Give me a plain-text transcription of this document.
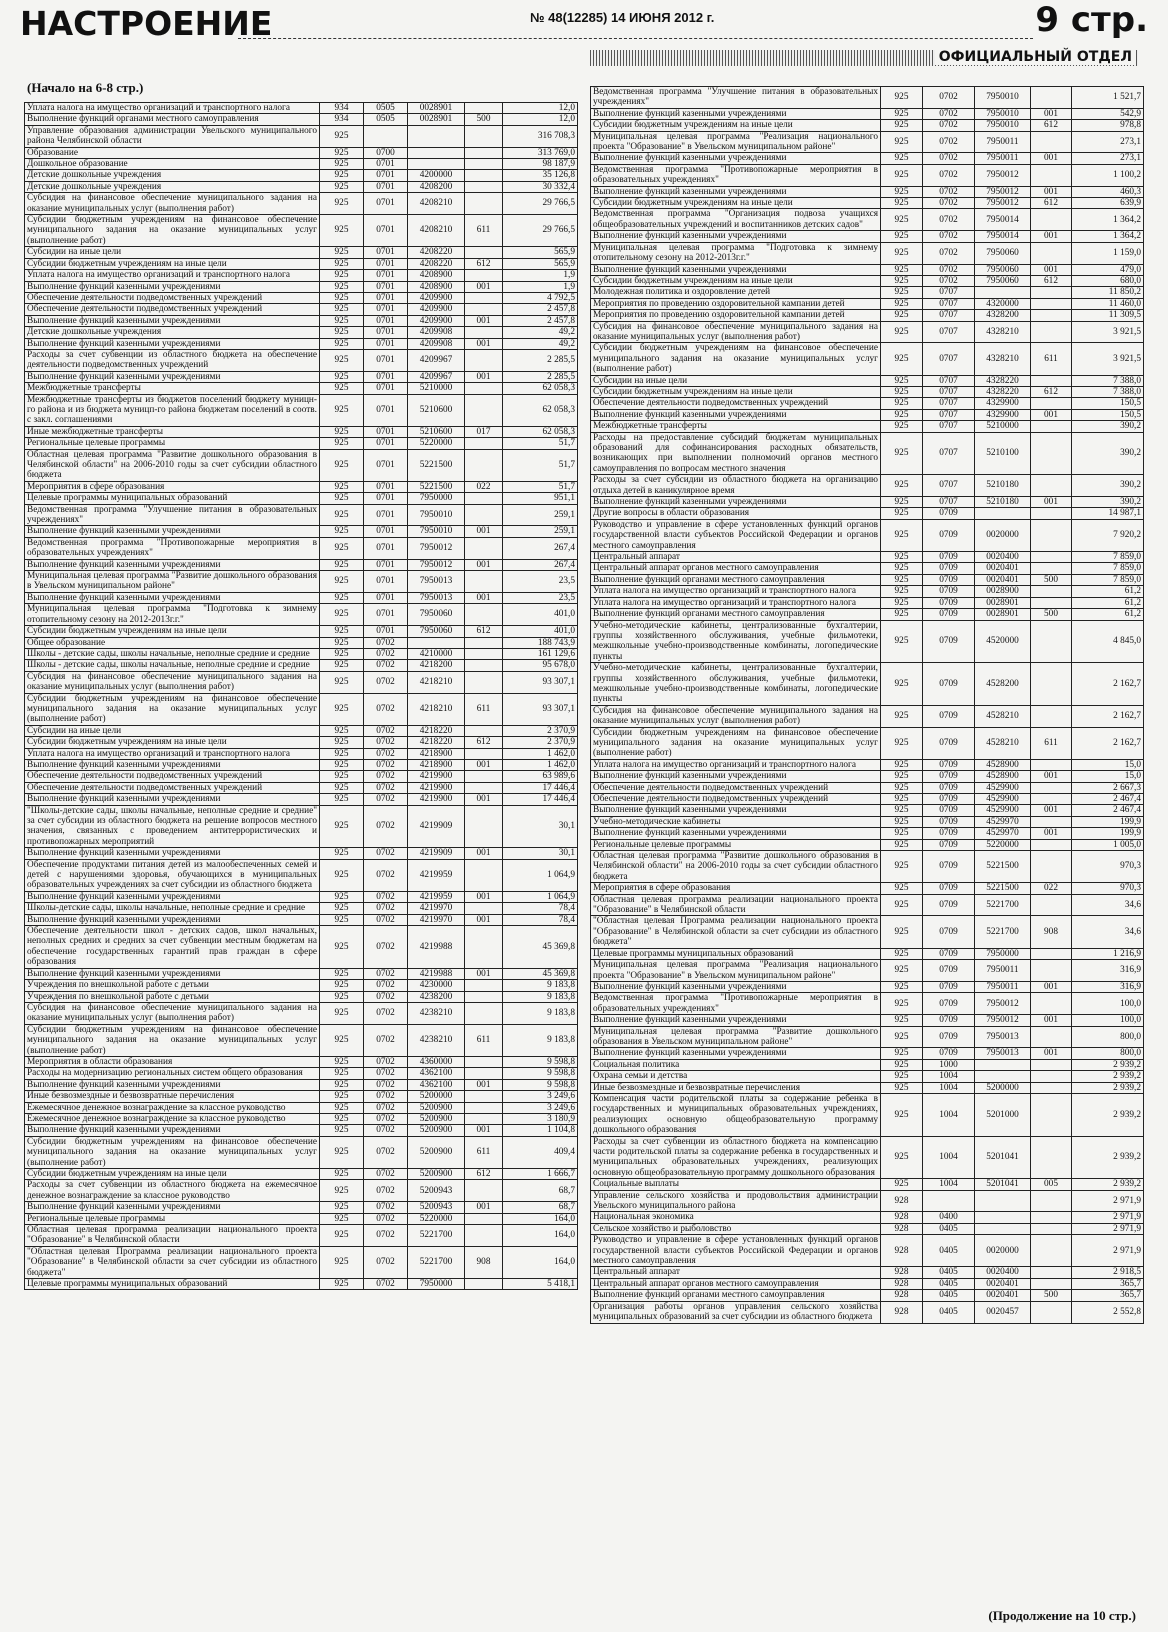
НАСТРОЕНИЕ	№ 48(12285) 14 ИЮНЯ 2012 г.	9 стр.
ОФИЦИАЛЬНЫЙ ОТДЕЛ
(Начало на 6-8 стр.)
Уплата налога на имущество организаций и транспортного налога	934	0505	0028901		12,0
Выполнение функций органами местного самоуправления	934	0505	0028901	500	12,0
Управление образования администрации Увельского муниципального района Челябинской области	925				316 708,3
Образование	925	0700			313 769,0
Дошкольное образование	925	0701			98 187,9
Детские дошкольные учреждения	925	0701	4200000		35 126,8
Детские дошкольные учреждения	925	0701	4208200		30 332,4
Субсидия на финансовое обеспечение муниципального задания на оказание муниципальных услуг (выполнения работ)	925	0701	4208210		29 766,5
Субсидии бюджетным учреждениям на финансовое обеспечение муниципального задания на оказание муниципальных услуг (выполнение работ)	925	0701	4208210	611	29 766,5
Субсидии на иные цели	925	0701	4208220		565,9
Субсидии бюджетным учреждениям на иные цели	925	0701	4208220	612	565,9
Уплата налога на имущество организаций и транспортного налога	925	0701	4208900		1,9
Выполнение функций казенными учреждениями	925	0701	4208900	001	1,9
Обеспечение деятельности подведомственных учреждений	925	0701	4209900		4 792,5
Обеспечение деятельности подведомственных учреждений	925	0701	4209900		2 457,8
Выполнение функций казенными учреждениями	925	0701	4209900	001	2 457,8
Детские дошкольные учреждения	925	0701	4209908		49,2
Выполнение функций казенными учреждениями	925	0701	4209908	001	49,2
Расходы за счет субвенции из областного бюджета на обеспечение деятельности подведомственных учреждений	925	0701	4209967		2 285,5
Выполнение функций казенными учреждениями	925	0701	4209967	001	2 285,5
Межбюджетные трансферты	925	0701	5210000		62 058,3
Межбюджетные трансферты из бюджетов поселений бюджету муницн-го района и из бюджета муницп-го района бюджетам поселений в соотв. с закл. соглашениями	925	0701	5210600		62 058,3
Иные межбюджетные трансферты	925	0701	5210600	017	62 058,3
Региональные целевые программы	925	0701	5220000		51,7
Областная целевая программа "Развитие дошкольного образования в Челябинской области" на 2006-2010 годы за счет субсидии областного бюджета	925	0701	5221500		51,7
Мероприятия в сфере образования	925	0701	5221500	022	51,7
Целевые программы муниципальных образований	925	0701	7950000		951,1
Ведомственная программа "Улучшение питания в образовательных учреждениях"	925	0701	7950010		259,1
Выполнение функций казенными учреждениями	925	0701	7950010	001	259,1
Ведомственная программа "Противопожарные мероприятия в образовательных учреждениях"	925	0701	7950012		267,4
Выполнение функций казенными учреждениями	925	0701	7950012	001	267,4
Муниципальная целевая программа "Развитие дошкольного образования в Увельском муниципальном районе"	925	0701	7950013		23,5
Выполнение функций казенными учреждениями	925	0701	7950013	001	23,5
Муниципальная целевая программа "Подготовка к зимнему отопительному сезону на 2012-2013г.г."	925	0701	7950060		401,0
Субсидии бюджетным учреждениям на иные цели	925	0701	7950060	612	401,0
Общее образование	925	0702			188 743,9
Школы - детские сады, школы начальные, неполные средние и средние	925	0702	4210000		161 129,6
Школы - детские сады, школы начальные, неполные средние и средние	925	0702	4218200		95 678,0
Субсидия на финансовое обеспечение муниципального задания на оказание муниципальных услуг (выполнения работ)	925	0702	4218210		93 307,1
Субсидии бюджетным учреждениям на финансовое обеспечение муниципального задания на оказание муниципальных услуг (выполнение работ)	925	0702	4218210	611	93 307,1
Субсидии на иные цели	925	0702	4218220		2 370,9
Субсидии бюджетным учреждениям на иные цели	925	0702	4218220	612	2 370,9
Уплата налога на имущество организаций и транспортного налога	925	0702	4218900		1 462,0
Выполнение функций казенными учреждениями	925	0702	4218900	001	1 462,0
Обеспечение деятельности подведомственных учреждений	925	0702	4219900		63 989,6
Обеспечение деятельности подведомственных учреждений	925	0702	4219900		17 446,4
Выполнение функций казенными учреждениями	925	0702	4219900	001	17 446,4
"Школы-детские сады, школы начальные, неполные средние и средние" за счет субсидии из областного бюджета на решение вопросов местного значения, связанных с проведением антитеррористических и противопожарных мероприятий	925	0702	4219909		30,1
Выполнение функций казенными учреждениями	925	0702	4219909	001	30,1
Обеспечение продуктами питания детей из малообеспеченных семей и детей с нарушениями здоровья, обучающихся в муниципальных образовательных учреждениях за счет субсидии из областного бюджета	925	0702	4219959		1 064,9
Выполнение функций казенными учреждениями	925	0702	4219959	001	1 064,9
Школы-детские сады, школы начальные, неполные средние и средние	925	0702	4219970		78,4
Выполнение функций казенными учреждениями	925	0702	4219970	001	78,4
Обеспечение деятельности школ - детских садов, школ начальных, неполных средних и средних за счет субвенции местным бюджетам на обеспечение государственных гарантий прав граждан в сфере образования	925	0702	4219988		45 369,8
Выполнение функций казенными учреждениями	925	0702	4219988	001	45 369,8
Учреждения по внешкольной работе с детьми	925	0702	4230000		9 183,8
Учреждения по внешкольной работе с детьми	925	0702	4238200		9 183,8
Субсидия на финансовое обеспечение муниципального задания на оказание муниципальных услуг (выполнения работ)	925	0702	4238210		9 183,8
Субсидии бюджетным учреждениям на финансовое обеспечение муниципального задания на оказание муниципальных услуг (выполнение работ)	925	0702	4238210	611	9 183,8
Мероприятия в области образования	925	0702	4360000		9 598,8
Расходы на модернизацию региональных систем общего образования	925	0702	4362100		9 598,8
Выполнение функций казенными учреждениями	925	0702	4362100	001	9 598,8
Иные безвозмездные и безвозвратные перечисления	925	0702	5200000		3 249,6
Ежемесячное денежное вознаграждение за классное руководство	925	0702	5200900		3 249,6
Ежемесячное денежное вознаграждение за классное руководство	925	0702	5200900		3 180,9
Выполнение функций казенными учреждениями	925	0702	5200900	001	1 104,8
Субсидии бюджетным учреждениям на финансовое обеспечение муниципального задания на оказание муниципальных услуг (выполнение работ)	925	0702	5200900	611	409,4
Субсидии бюджетным учреждениям на иные цели	925	0702	5200900	612	1 666,7
Расходы за счет субвенции из областного бюджета на ежемесячное денежное вознаграждение за классное руководство	925	0702	5200943		68,7
Выполнение функций казенными учреждениями	925	0702	5200943	001	68,7
Региональные целевые программы	925	0702	5220000		164,0
Областная целевая программа реализации национального проекта "Образование" в Челябинской области	925	0702	5221700		164,0
"Областная целевая Программа реализации национального проекта "Образование" в Челябинской области за счет субсидии из областного бюджета"	925	0702	5221700	908	164,0
Целевые программы муниципальных образований	925	0702	7950000		5 418,1
Ведомственная программа "Улучшение питания в образовательных учреждениях"	925	0702	7950010		1 521,7
Выполнение функций казенными учреждениями	925	0702	7950010	001	542,9
Субсидии бюджетным учреждениям на иные цели	925	0702	7950010	612	978,8
Муниципальная целевая программа "Реализация национального проекта "Образование" в Увельском муниципальном районе"	925	0702	7950011		273,1
Выполнение функций казенными учреждениями	925	0702	7950011	001	273,1
Ведомственная программа "Противопожарные мероприятия в образовательных учреждениях"	925	0702	7950012		1 100,2
Выполнение функций казенными учреждениями	925	0702	7950012	001	460,3
Субсидии бюджетным учреждениям на иные цели	925	0702	7950012	612	639,9
Ведомственная программа "Организация подвоза учащихся общеобразовательных учреждений и воспитанников детских садов"	925	0702	7950014		1 364,2
Выполнение функций казенными учреждениями	925	0702	7950014	001	1 364,2
Муниципальная целевая программа "Подготовка к зимнему отопительному сезону на 2012-2013г.г."	925	0702	7950060		1 159,0
Выполнение функций казенными учреждениями	925	0702	7950060	001	479,0
Субсидии бюджетным учреждениям на иные цели	925	0702	7950060	612	680,0
Молодежная политика и оздоровление детей	925	0707			11 850,2
Мероприятия по проведению оздоровительной кампании детей	925	0707	4320000		11 460,0
Мероприятия по проведению оздоровительной кампании детей	925	0707	4328200		11 309,5
Субсидия на финансовое обеспечение муниципального задания на оказание муниципальных услуг (выполнения работ)	925	0707	4328210		3 921,5
Субсидии бюджетным учреждениям на финансовое обеспечение муниципального задания на оказание муниципальных услуг (выполнение работ)	925	0707	4328210	611	3 921,5
Субсидии на иные цели	925	0707	4328220		7 388,0
Субсидии бюджетным учреждениям на иные цели	925	0707	4328220	612	7 388,0
Обеспечение деятельности подведомственных учреждений	925	0707	4329900		150,5
Выполнение функций казенными учреждениями	925	0707	4329900	001	150,5
Межбюджетные трансферты	925	0707	5210000		390,2
Расходы на предоставление субсидий бюджетам муниципальных образований для софинансирования расходных обязательств, возникающих при выполнении полномочий органов местного самоуправления по вопросам местного значения	925	0707	5210100		390,2
Расходы за счет субсидии из областного бюджета на организацию отдыха детей в каникулярное время	925	0707	5210180		390,2
Выполнение функций казенными учреждениями	925	0707	5210180	001	390,2
Другие вопросы в области образования	925	0709			14 987,1
Руководство и управление в сфере установленных функций органов государственной власти субъектов Российской Федерации и органов местного самоуправления	925	0709	0020000		7 920,2
Центральный аппарат	925	0709	0020400		7 859,0
Центральный аппарат органов местного самоуправления	925	0709	0020401		7 859,0
Выполнение функций органами местного самоуправления	925	0709	0020401	500	7 859,0
Уплата налога на имущество организаций и транспортного налога	925	0709	0028900		61,2
Уплата налога на имущество организаций и транспортного налога	925	0709	0028901		61,2
Выполнение функций органами местного самоуправления	925	0709	0028901	500	61,2
Учебно-методические кабинеты, централизованные бухгалтерии, группы хозяйственного обслуживания, учебные фильмотеки, межшкольные учебно-производственные комбинаты, логопедические пункты	925	0709	4520000		4 845,0
Учебно-методические кабинеты, централизованные бухгалтерии, группы хозяйственного обслуживания, учебные фильмотеки, межшкольные учебно-производственные комбинаты, логопедические пункты	925	0709	4528200		2 162,7
Субсидия на финансовое обеспечение муниципального задания на оказание муниципальных услуг (выполнения работ)	925	0709	4528210		2 162,7
Субсидии бюджетным учреждениям на финансовое обеспечение муниципального задания на оказание муниципальных услуг (выполнение работ)	925	0709	4528210	611	2 162,7
Уплата налога на имущество организаций и транспортного налога	925	0709	4528900		15,0
Выполнение функций казенными учреждениями	925	0709	4528900	001	15,0
Обеспечение деятельности подведомственных учреждений	925	0709	4529900		2 667,3
Обеспечение деятельности подведомственных учреждений	925	0709	4529900		2 467,4
Выполнение функций казенными учреждениями	925	0709	4529900	001	2 467,4
Учебно-методические кабинеты	925	0709	4529970		199,9
Выполнение функций казенными учреждениями	925	0709	4529970	001	199,9
Региональные целевые программы	925	0709	5220000		1 005,0
Областная целевая программа "Развитие дошкольного образования в Челябинской области" на 2006-2010 годы за счет субсидии областного бюджета	925	0709	5221500		970,3
Мероприятия в сфере образования	925	0709	5221500	022	970,3
Областная целевая программа реализации национального проекта "Образование" в Челябинской области	925	0709	5221700		34,6
"Областная целевая Программа реализации национального проекта "Образование" в Челябинской области за счет субсидии из областного бюджета"	925	0709	5221700	908	34,6
Целевые программы муниципальных образований	925	0709	7950000		1 216,9
Муниципальная целевая программа "Реализация национального проекта "Образование" в Увельском муниципальном районе"	925	0709	7950011		316,9
Выполнение функций казенными учреждениями	925	0709	7950011	001	316,9
Ведомственная программа "Противопожарные мероприятия в образовательных учреждениях"	925	0709	7950012		100,0
Выполнение функций казенными учреждениями	925	0709	7950012	001	100,0
Муниципальная целевая программа "Развитие дошкольного образования в Увельском муниципальном районе"	925	0709	7950013		800,0
Выполнение функций казенными учреждениями	925	0709	7950013	001	800,0
Социальная политика	925	1000			2 939,2
Охрана семьи и детства	925	1004			2 939,2
Иные безвозмездные и безвозвратные перечисления	925	1004	5200000		2 939,2
Компенсация части родительской платы за содержание ребенка в государственных и муниципальных образовательных учреждениях, реализующих основную общеобразовательную программу дошкольного образования	925	1004	5201000		2 939,2
Расходы за счет субвенции из областного бюджета на компенсацию части родительской платы за содержание ребенка в государственных и муниципальных образовательных учреждениях, реализующих основную общеобразовательную программу дошкольного образования	925	1004	5201041		2 939,2
Социальные выплаты	925	1004	5201041	005	2 939,2
Управление сельского хозяйства и продовольствия администрации Увельского муниципального района	928				2 971,9
Национальная экономика	928	0400			2 971,9
Сельское хозяйство и рыболовство	928	0405			2 971,9
Руководство и управление в сфере установленных функций органов государственной власти субъектов Российской Федерации и органов местного самоуправления	928	0405	0020000		2 971,9
Центральный аппарат	928	0405	0020400		2 918,5
Центральный аппарат органов местного самоуправления	928	0405	0020401		365,7
Выполнение функций органами местного самоуправления	928	0405	0020401	500	365,7
Организация работы органов управления сельского хозяйства муниципальных образований за счет субсидии из областного бюджета	928	0405	0020457		2 552,8
(Продолжение на 10 стр.)
